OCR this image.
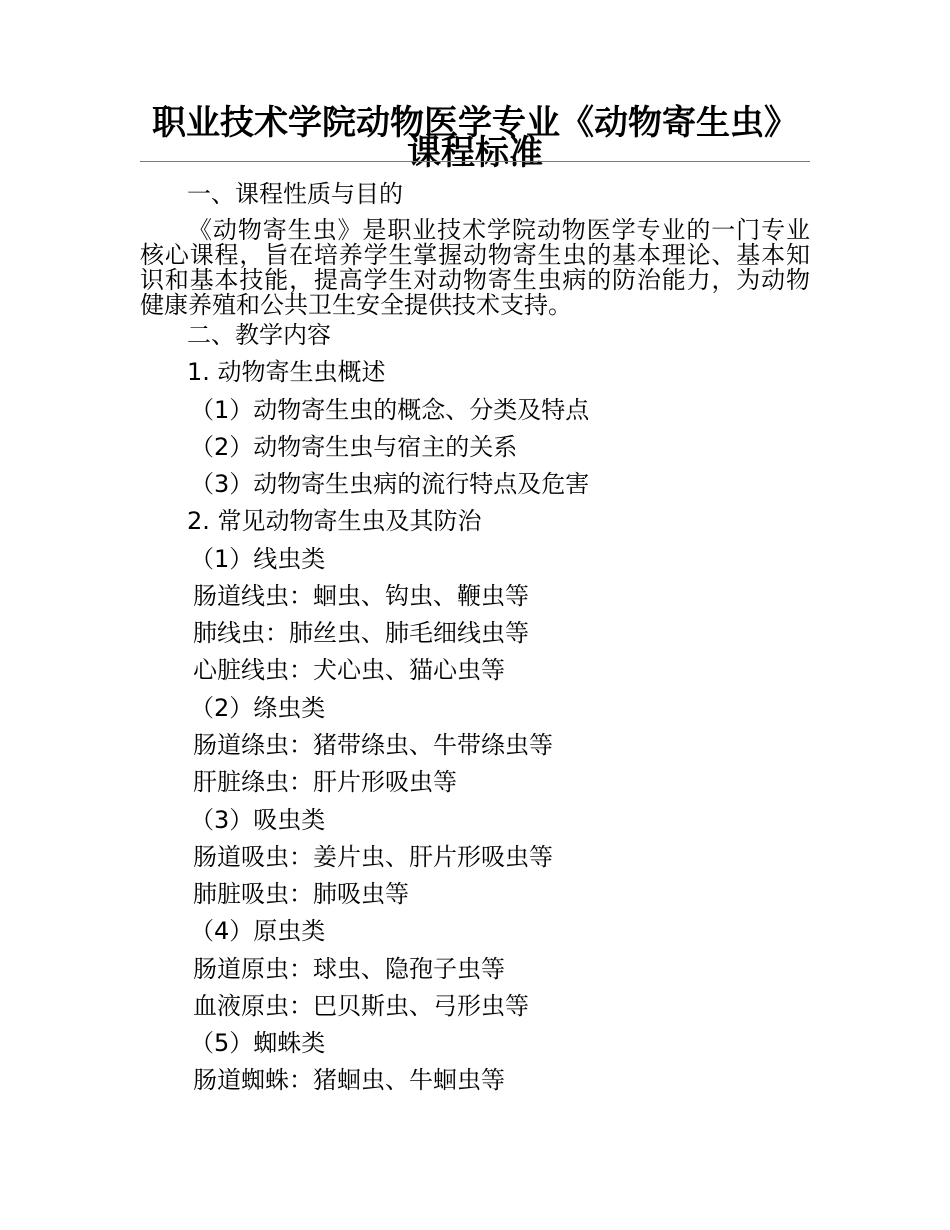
职业技术学院动物医学专业《动物寄生虫》课程标准
一、课程性质与目的
《动物寄生虫》是职业技术学院动物医学专业的一门专业核心课程，旨在培养学生掌握动物寄生虫的基本理论、基本知识和基本技能，提高学生对动物寄生虫病的防治能力，为动物健康养殖和公共卫生安全提供技术支持。
二、教学内容
1. 动物寄生虫概述
（1）动物寄生虫的概念、分类及特点
（2）动物寄生虫与宿主的关系
（3）动物寄生虫病的流行特点及危害
2. 常见动物寄生虫及其防治
（1）线虫类
肠道线虫：蛔虫、钩虫、鞭虫等
肺线虫：肺丝虫、肺毛细线虫等
心脏线虫：犬心虫、猫心虫等
（2）绦虫类
肠道绦虫：猪带绦虫、牛带绦虫等
肝脏绦虫：肝片形吸虫等
（3）吸虫类
肠道吸虫：姜片虫、肝片形吸虫等
肺脏吸虫：肺吸虫等
（4）原虫类
肠道原虫：球虫、隐孢子虫等
血液原虫：巴贝斯虫、弓形虫等
（5）蜘蛛类
肠道蜘蛛：猪蛔虫、牛蛔虫等
